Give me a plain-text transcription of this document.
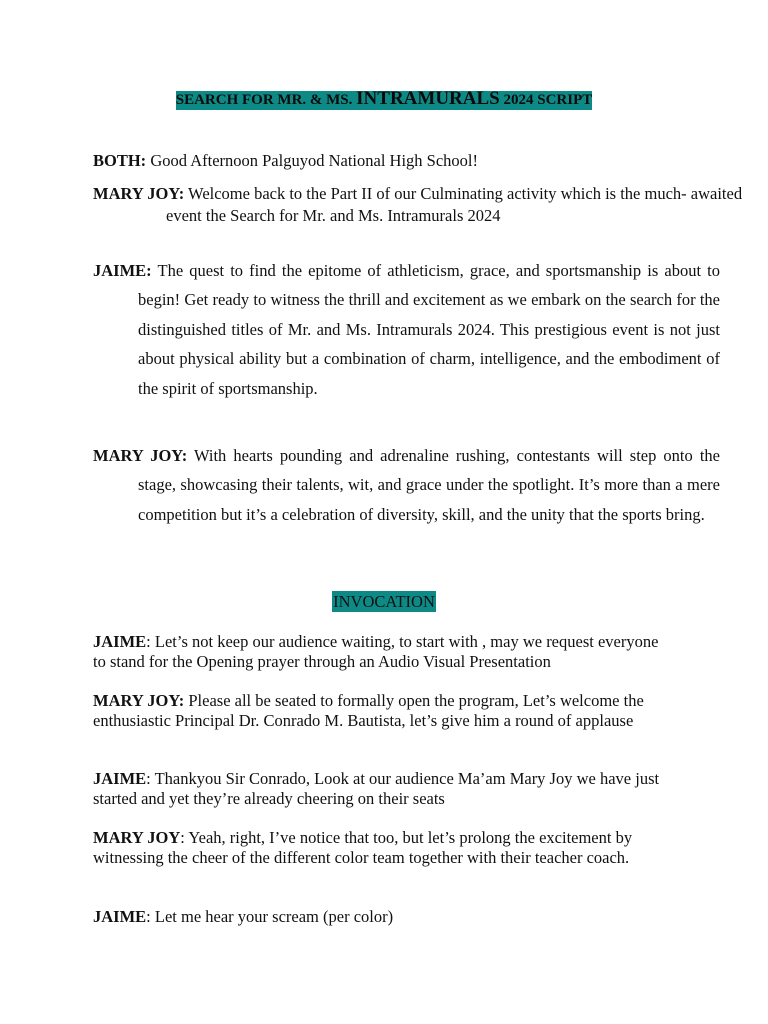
SEARCH FOR MR. & MS. INTRAMURALS 2024 SCRIPT
BOTH: Good Afternoon Palguyod National High School!
MARY JOY: Welcome back to the Part II of our Culminating activity which is the much- awaited event the Search for Mr. and Ms. Intramurals 2024
JAIME: The quest to find the epitome of athleticism, grace, and sportsmanship is about to begin! Get ready to witness the thrill and excitement as we embark on the search for the distinguished titles of Mr. and Ms. Intramurals 2024. This prestigious event is not just about physical ability but a combination of charm, intelligence, and the embodiment of the spirit of sportsmanship.
MARY JOY: With hearts pounding and adrenaline rushing, contestants will step onto the stage, showcasing their talents, wit, and grace under the spotlight. It’s more than a mere competition but it’s a celebration of diversity, skill, and the unity that the sports bring.
INVOCATION
JAIME: Let’s not keep our audience waiting, to start with , may we request everyone to stand for the Opening prayer through an Audio Visual Presentation
MARY JOY: Please all be seated to formally open the program, Let’s welcome the enthusiastic Principal Dr. Conrado M. Bautista, let’s give him a round of applause
JAIME: Thankyou Sir Conrado, Look at our audience Ma’am Mary Joy we have just started and yet they’re already cheering on their seats
MARY JOY: Yeah, right, I’ve notice that too, but let’s prolong the excitement by witnessing the cheer of the different color team together with their teacher coach.
JAIME: Let me hear your scream (per color)
